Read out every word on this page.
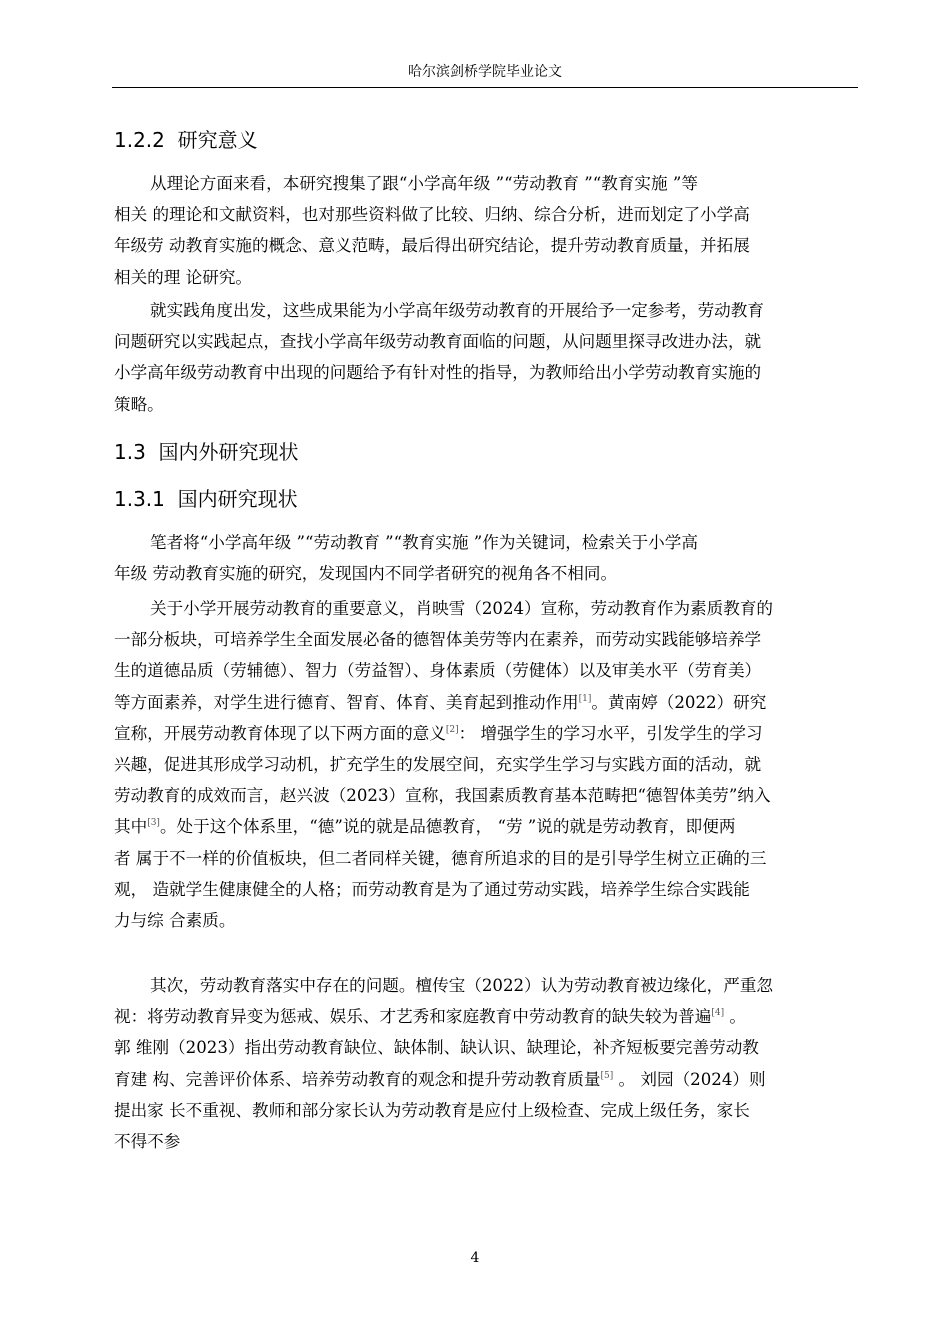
哈尔滨剑桥学院毕业论文
1.2.2 研究意义
从理论方面来看，本研究搜集了跟“小学高年级 ”“劳动教育 ”“教育实施 ”等
相关 的理论和文献资料，也对那些资料做了比较、归纳、综合分析，进而划定了小学高
年级劳 动教育实施的概念、意义范畴，最后得出研究结论，提升劳动教育质量，并拓展
相关的理 论研究。
就实践角度出发，这些成果能为小学高年级劳动教育的开展给予一定参考，劳动教育
问题研究以实践起点，查找小学高年级劳动教育面临的问题，从问题里探寻改进办法，就
小学高年级劳动教育中出现的问题给予有针对性的指导，为教师给出小学劳动教育实施的
策略。
1.3 国内外研究现状
1.3.1 国内研究现状
笔者将“小学高年级 ”“劳动教育 ”“教育实施 ”作为关键词，检索关于小学高
年级 劳动教育实施的研究，发现国内不同学者研究的视角各不相同。
关于小学开展劳动教育的重要意义，肖映雪（2024）宣称，劳动教育作为素质教育的
一部分板块，可培养学生全面发展必备的德智体美劳等内在素养，而劳动实践能够培养学
生的道德品质（劳辅德）、智力（劳益智）、身体素质（劳健体）以及审美水平（劳育美）
等方面素养，对学生进行德育、智育、体育、美育起到推动作用[1]。黄南婷（2022）研究
宣称，开展劳动教育体现了以下两方面的意义[2]： 增强学生的学习水平，引发学生的学习
兴趣，促进其形成学习动机，扩充学生的发展空间，充实学生学习与实践方面的活动，就
劳动教育的成效而言，赵兴波（2023）宣称，我国素质教育基本范畴把“德智体美劳”纳入
其中[3]。处于这个体系里，“德”说的就是品德教育， “劳 ”说的就是劳动教育，即便两
者 属于不一样的价值板块，但二者同样关键，德育所追求的目的是引导学生树立正确的三
观， 造就学生健康健全的人格；而劳动教育是为了通过劳动实践，培养学生综合实践能
力与综 合素质。
其次，劳动教育落实中存在的问题。檀传宝（2022）认为劳动教育被边缘化，严重忽
视：将劳动教育异变为惩戒、娱乐、才艺秀和家庭教育中劳动教育的缺失较为普遍[4] 。
郭 维刚（2023）指出劳动教育缺位、缺体制、缺认识、缺理论，补齐短板要完善劳动教
育建 构、完善评价体系、培养劳动教育的观念和提升劳动教育质量[5] 。 刘园（2024）则
提出家 长不重视、教师和部分家长认为劳动教育是应付上级检查、完成上级任务，家长
不得不参
4
